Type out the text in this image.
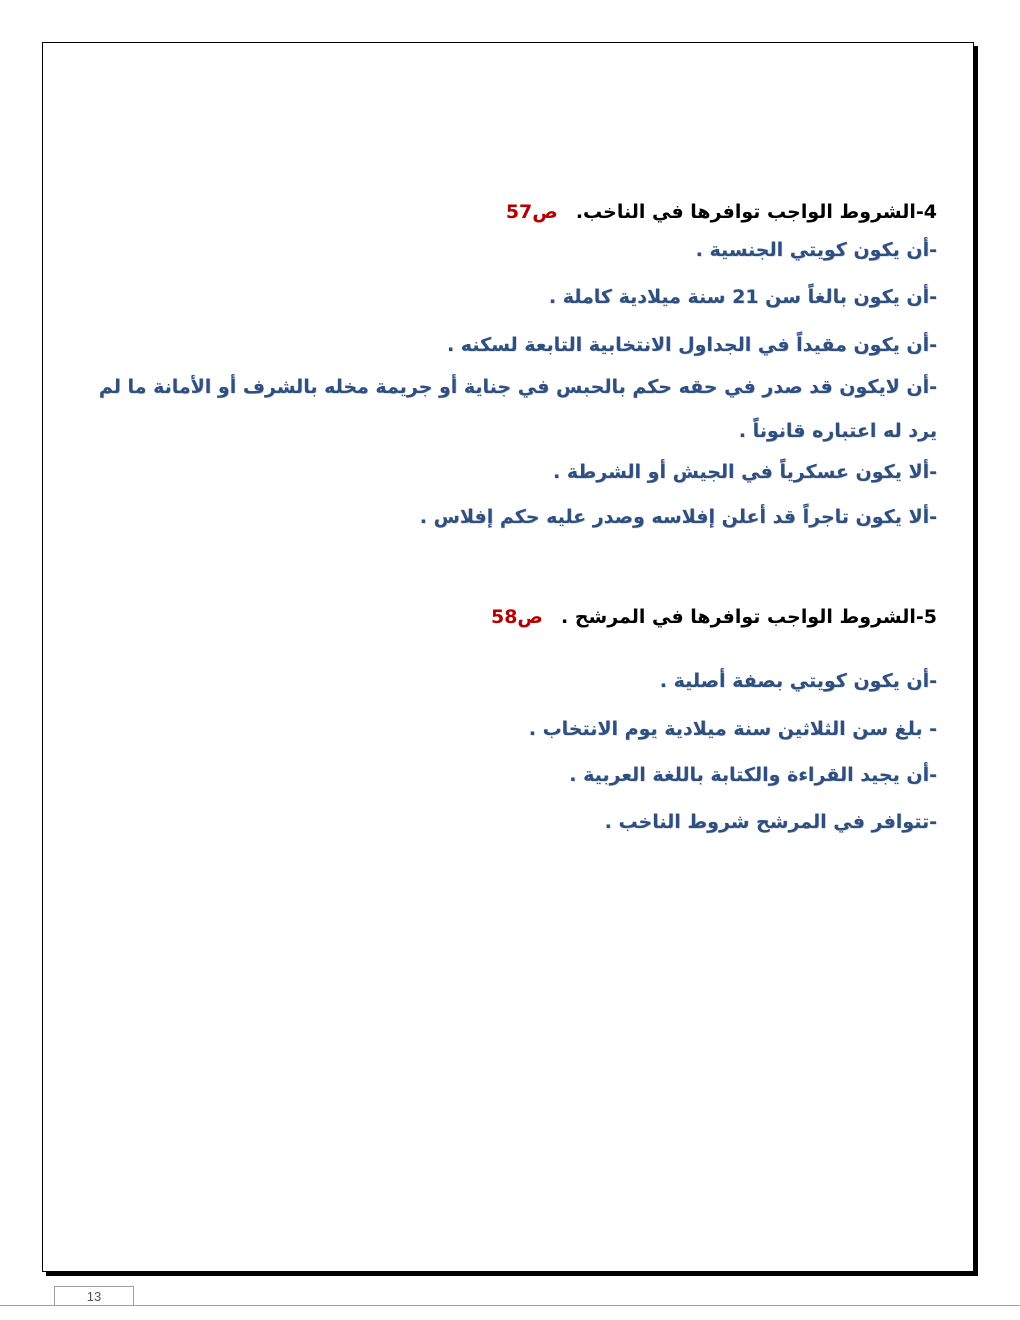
4-الشروط الواجب توافرها في الناخب.ص57
-أن يكون كويتي الجنسية .
-أن يكون بالغاً سن 21 سنة ميلادية كاملة .
-أن يكون مقيداً في الجداول الانتخابية التابعة لسكنه .
-أن لايكون قد صدر في حقه حكم بالحبس في جناية أو جريمة مخله بالشرف أو الأمانة ما لم يرد له اعتباره قانوناً .
-ألا يكون عسكرياً في الجيش أو الشرطة .
-ألا يكون تاجراً قد أعلن إفلاسه وصدر عليه حكم إفلاس .
5-الشروط الواجب توافرها في المرشح .ص58
-أن يكون كويتي بصفة أصلية .
- بلغ سن الثلاثين سنة ميلادية يوم الانتخاب .
-أن يجيد القراءة والكتابة باللغة العربية .
-تتوافر في المرشح شروط الناخب .
13
